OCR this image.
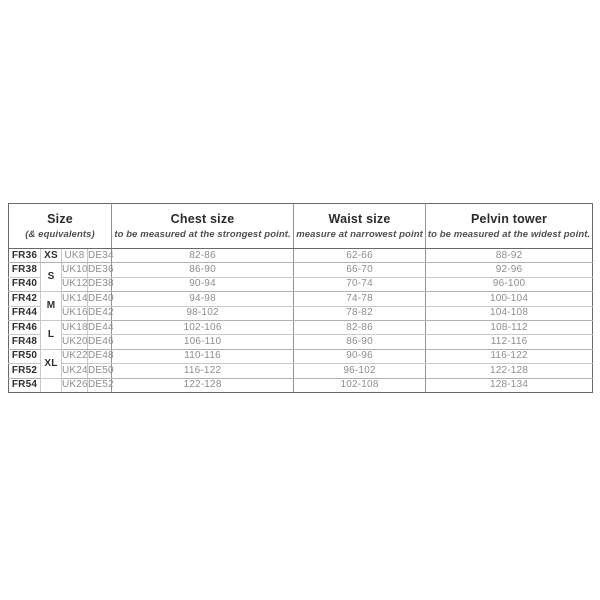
Size
(& equivalents)

Chest size
to be measured at the strongest point.

Waist size
measure at narrowest point

Pelvin tower
to be measured at the widest point.

FR36	XS	UK8	DE34	82-86	62-66	88-92
FR38	S	UK10	DE36	86-90	66-70	92-96
FR40		UK12	DE38	90-94	70-74	96-100
FR42	M	UK14	DE40	94-98	74-78	100-104
FR44		UK16	DE42	98-102	78-82	104-108
FR46	L	UK18	DE44	102-106	82-86	108-112
FR48		UK20	DE46	106-110	86-90	112-116
FR50	XL	UK22	DE48	110-116	90-96	116-122
FR52		UK24	DE50	116-122	96-102	122-128
FR54		UK26	DE52	122-128	102-108	128-134
